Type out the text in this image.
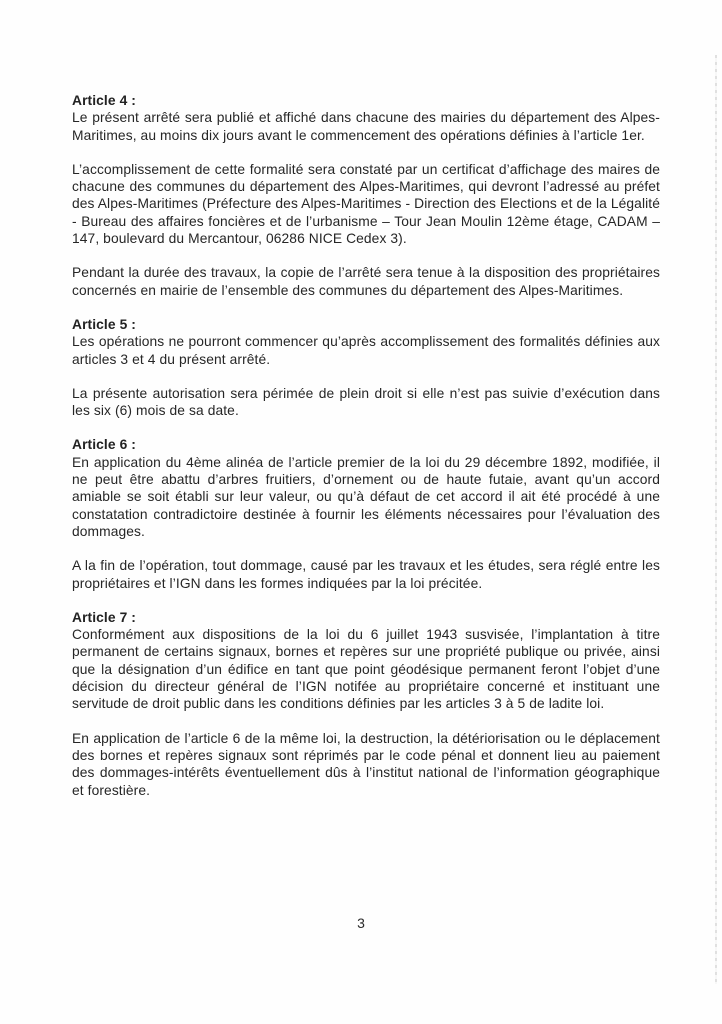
Article 4 :

Le présent arrêté sera publié et affiché dans chacune des mairies du département des Alpes-Maritimes, au moins dix jours avant le commencement des opérations définies à l’article 1er.

L’accomplissement de cette formalité sera constaté par un certificat d’affichage des maires de chacune des communes du département des Alpes-Maritimes, qui devront l’adressé au préfet des Alpes-Maritimes (Préfecture des Alpes-Maritimes - Direction des Elections et de la Légalité - Bureau des affaires foncières et de l’urbanisme – Tour Jean Moulin 12ème étage, CADAM – 147, boulevard du Mercantour, 06286 NICE Cedex 3).

Pendant la durée des travaux, la copie de l’arrêté sera tenue à la disposition des propriétaires concernés en mairie de l’ensemble des communes du département des Alpes-Maritimes.

Article 5 :

Les opérations ne pourront commencer qu’après accomplissement des formalités définies aux articles 3 et 4 du présent arrêté.

La présente autorisation sera périmée de plein droit si elle n’est pas suivie d’exécution dans les six (6) mois de sa date.

Article 6 :

En application du 4ème alinéa de l’article premier de la loi du 29 décembre 1892, modifiée, il ne peut être abattu d’arbres fruitiers, d’ornement ou de haute futaie, avant qu’un accord amiable se soit établi sur leur valeur, ou qu’à défaut de cet accord il ait été procédé à une constatation contradictoire destinée à fournir les éléments nécessaires pour l’évaluation des dommages.

A la fin de l’opération, tout dommage, causé par les travaux et les études, sera réglé entre les propriétaires et l’IGN dans les formes indiquées par la loi précitée.

Article 7 :

Conformément aux dispositions de la loi du 6 juillet 1943 susvisée, l’implantation à titre permanent de certains signaux, bornes et repères sur une propriété publique ou privée, ainsi que la désignation d’un édifice en tant que point géodésique permanent feront l’objet d’une décision du directeur général de l’IGN notifée au propriétaire concerné et instituant une servitude de droit public dans les conditions définies par les articles 3 à 5 de ladite loi.

En application de l’article 6 de la même loi, la destruction, la détériorisation ou le déplacement des bornes et repères signaux sont réprimés par le code pénal et donnent lieu au paiement des dommages-intérêts éventuellement dûs à l’institut national de l’information géographique et forestière.

3
